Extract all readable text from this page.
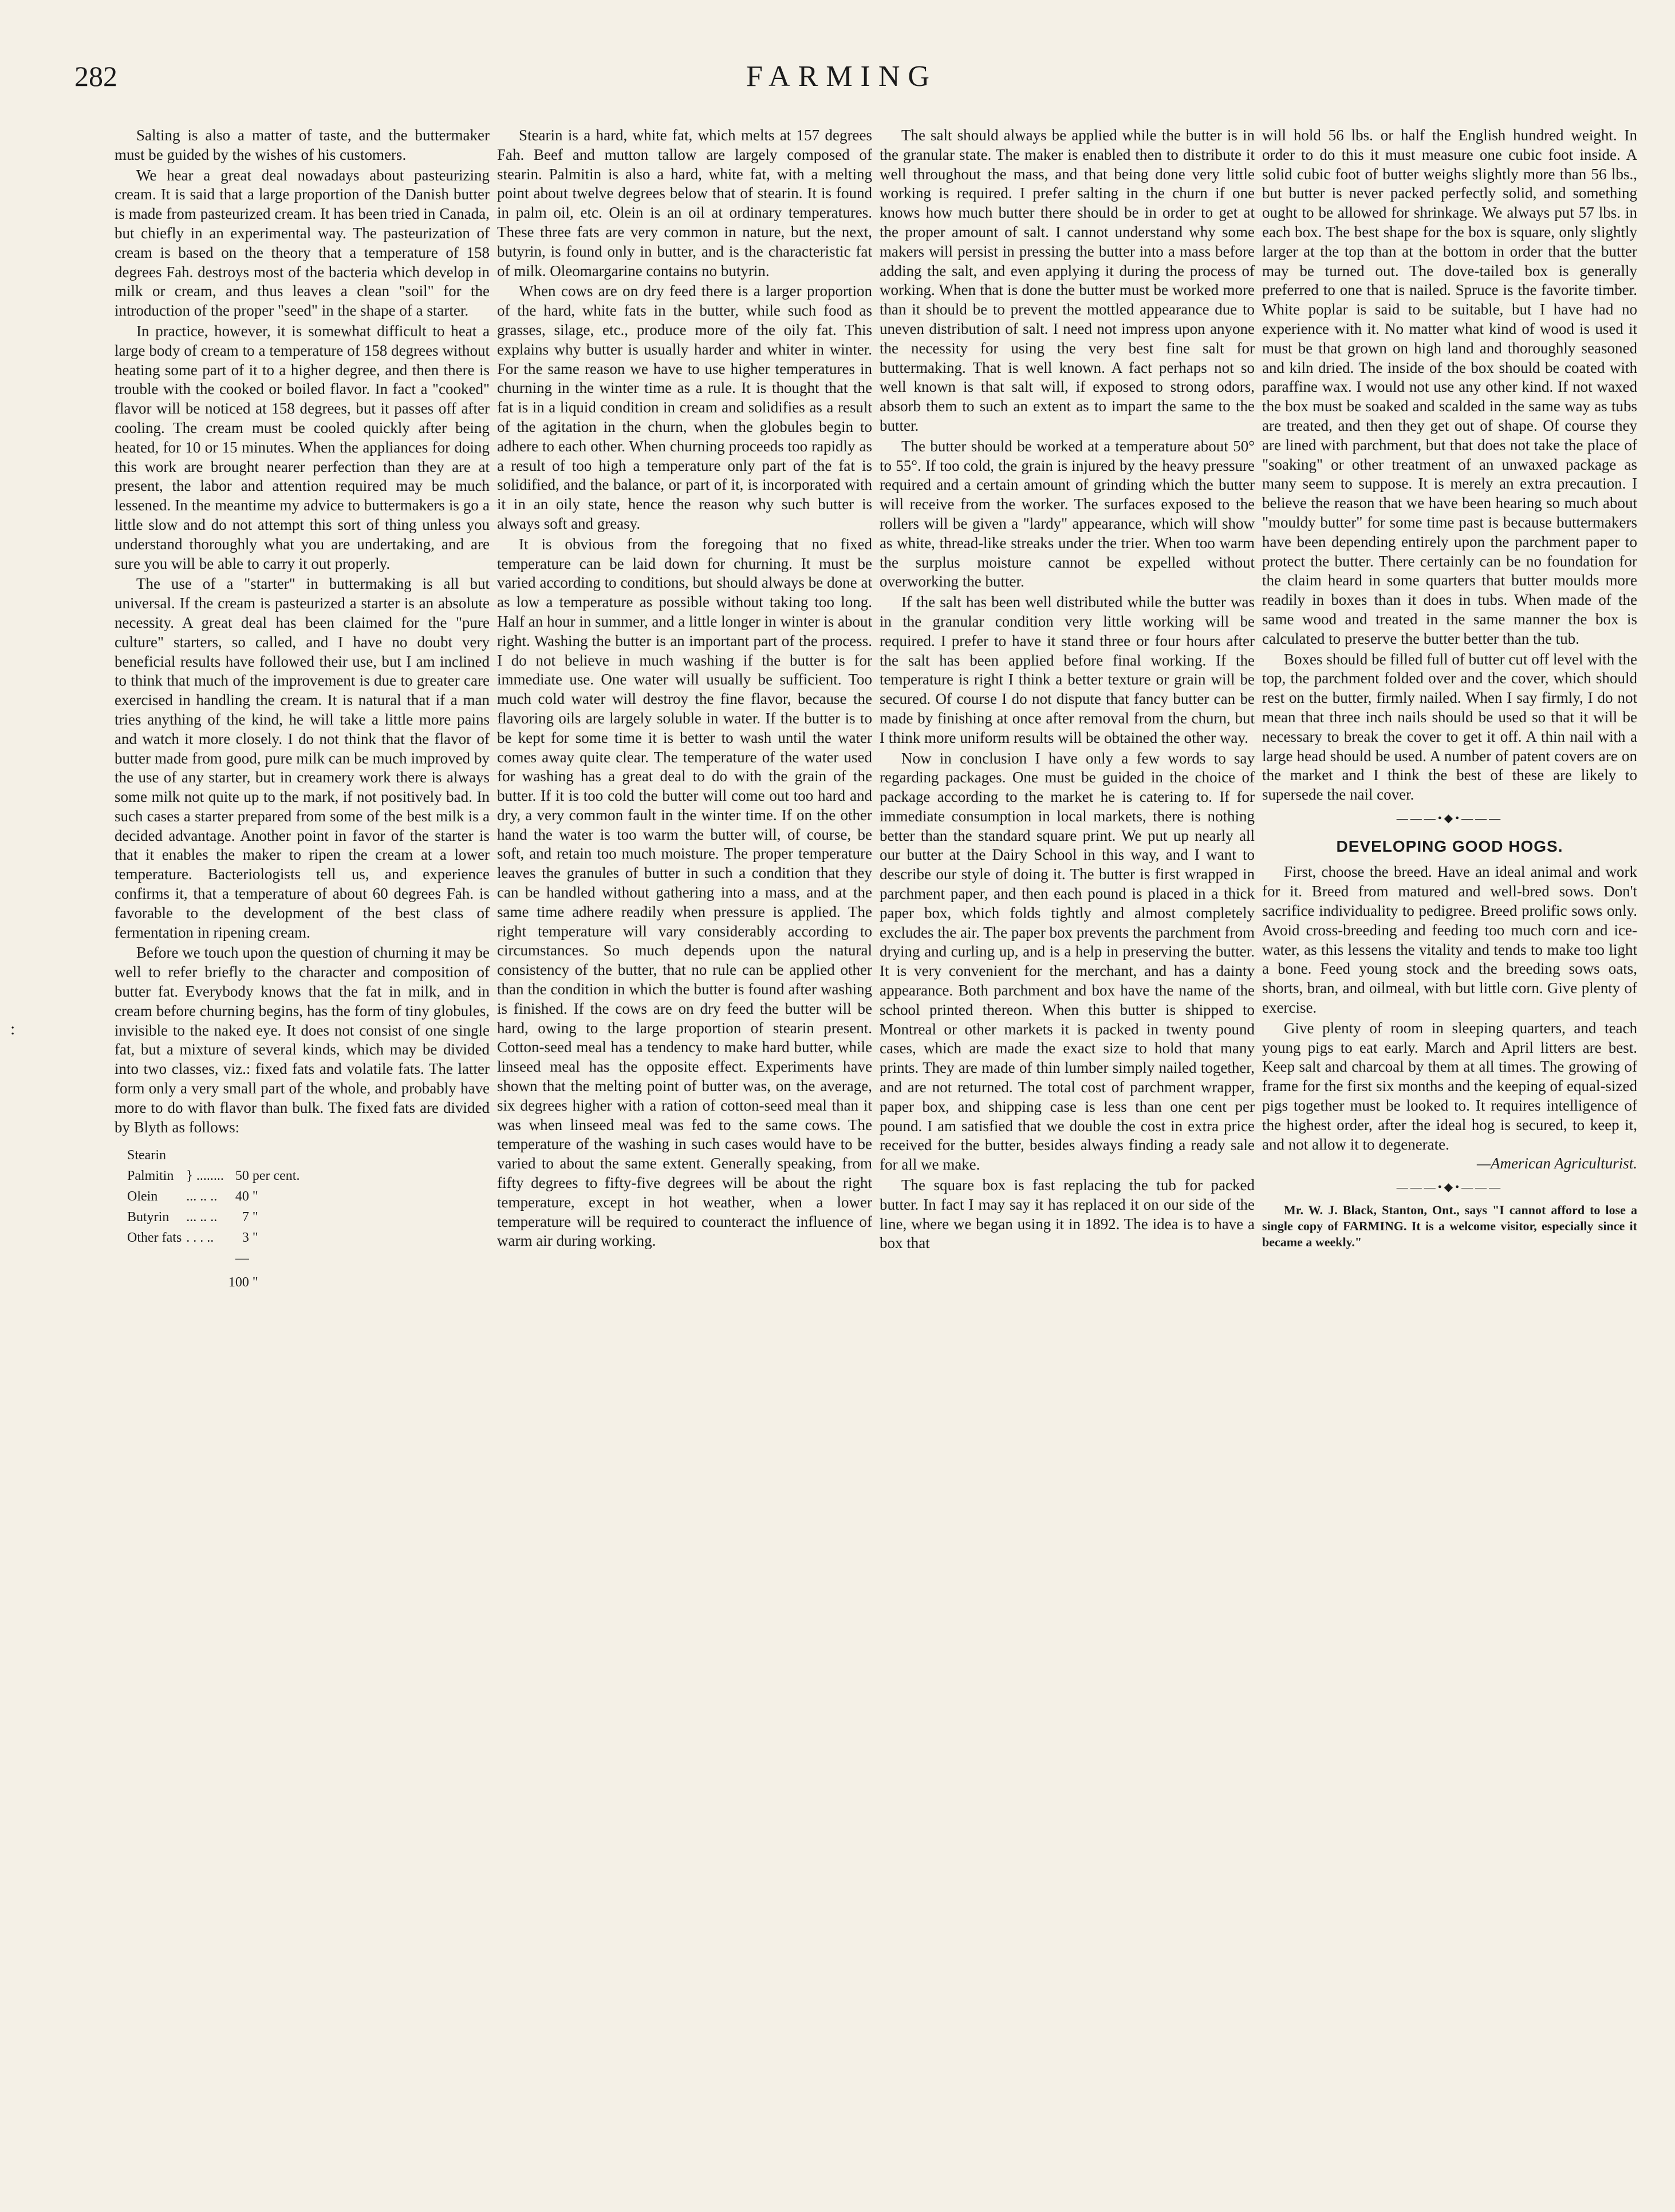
282	FARMING
:

Salting is also a matter of taste, and the buttermaker must be guided by the wishes of his customers.

We hear a great deal nowadays about pasteurizing cream. It is said that a large proportion of the Danish butter is made from pasteurized cream. It has been tried in Canada, but chiefly in an experimental way. The pasteurization of cream is based on the theory that a temperature of 158 degrees Fah. destroys most of the bacteria which develop in milk or cream, and thus leaves a clean "soil" for the introduction of the proper "seed" in the shape of a starter.

In practice, however, it is somewhat difficult to heat a large body of cream to a temperature of 158 degrees without heating some part of it to a higher degree, and then there is trouble with the cooked or boiled flavor. In fact a "cooked" flavor will be noticed at 158 degrees, but it passes off after cooling. The cream must be cooled quickly after being heated, for 10 or 15 minutes. When the appliances for doing this work are brought nearer perfection than they are at present, the labor and attention required may be much lessened. In the meantime my advice to buttermakers is go a little slow and do not attempt this sort of thing unless you understand thoroughly what you are undertaking, and are sure you will be able to carry it out properly.

The use of a "starter" in buttermaking is all but universal. If the cream is pasteurized a starter is an absolute necessity. A great deal has been claimed for the "pure culture" starters, so called, and I have no doubt very beneficial results have followed their use, but I am inclined to think that much of the improvement is due to greater care exercised in handling the cream. It is natural that if a man tries anything of the kind, he will take a little more pains and watch it more closely. I do not think that the flavor of butter made from good, pure milk can be much improved by the use of any starter, but in creamery work there is always some milk not quite up to the mark, if not positively bad. In such cases a starter prepared from some of the best milk is a decided advantage. Another point in favor of the starter is that it enables the maker to ripen the cream at a lower temperature. Bacteriologists tell us, and experience confirms it, that a temperature of about 60 degrees Fah. is favorable to the development of the best class of fermentation in ripening cream.

Before we touch upon the question of churning it may be well to refer briefly to the character and composition of butter fat. Everybody knows that the fat in milk, and in cream before churning begins, has the form of tiny globules, invisible to the naked eye. It does not consist of one single fat, but a mixture of several kinds, which may be divided into two classes, viz.: fixed fats and volatile fats. The latter form only a very small part of the whole, and probably have more to do with flavor than bulk. The fixed fats are divided by Blyth as follows:

Stearin			
Palmitin	} ........	50	per cent.
Olein	... .. ..	40	"
Butyrin	... .. ..	7	"
Other fats	. . . ..	3	"
		—	
		100	"

Stearin is a hard, white fat, which melts at 157 degrees Fah. Beef and mutton tallow are largely composed of stearin. Palmitin is also a hard, white fat, with a melting point about twelve degrees below that of stearin. It is found in palm oil, etc. Olein is an oil at ordinary temperatures. These three fats are very common in nature, but the next, butyrin, is found only in butter, and is the characteristic fat of milk. Oleomargarine contains no butyrin.

When cows are on dry feed there is a larger proportion of the hard, white fats in the butter, while such food as grasses, silage, etc., produce more of the oily fat. This explains why butter is usually harder and whiter in winter. For the same reason we have to use higher temperatures in churning in the winter time as a rule. It is thought that the fat is in a liquid condition in cream and solidifies as a result of the agitation in the churn, when the globules begin to adhere to each other. When churning proceeds too rapidly as a result of too high a temperature only part of the fat is solidified, and the balance, or part of it, is incorporated with it in an oily state, hence the reason why such butter is always soft and greasy.

It is obvious from the foregoing that no fixed temperature can be laid down for churning. It must be varied according to conditions, but should always be done at as low a temperature as possible without taking too long. Half an hour in summer, and a little longer in winter is about right. Washing the butter is an important part of the process. I do not believe in much washing if the butter is for immediate use. One water will usually be sufficient. Too much cold water will destroy the fine flavor, because the flavoring oils are largely soluble in water. If the butter is to be kept for some time it is better to wash until the water comes away quite clear. The temperature of the water used for washing has a great deal to do with the grain of the butter. If it is too cold the butter will come out too hard and dry, a very common fault in the winter time. If on the other hand the water is too warm the butter will, of course, be soft, and retain too much moisture. The proper temperature leaves the granules of butter in such a condition that they can be handled without gathering into a mass, and at the same time adhere readily when pressure is applied. The right temperature will vary considerably according to circumstances. So much depends upon the natural consistency of the butter, that no rule can be applied other than the condition in which the butter is found after washing is finished. If the cows are on dry feed the butter will be hard, owing to the large proportion of stearin present. Cotton-seed meal has a tendency to make hard butter, while linseed meal has the opposite effect. Experiments have shown that the melting point of butter was, on the average, six degrees higher with a ration of cotton-seed meal than it was when linseed meal was fed to the same cows. The temperature of the washing in such cases would have to be varied to about the same extent. Generally speaking, from fifty degrees to fifty-five degrees will be about the right temperature, except in hot weather, when a lower temperature will be required to counteract the influence of warm air during working.

The salt should always be applied while the butter is in the granular state. The maker is enabled then to distribute it well throughout the mass, and that being done very little working is required. I prefer salting in the churn if one knows how much butter there should be in order to get at the proper amount of salt. I cannot understand why some makers will persist in pressing the butter into a mass before adding the salt, and even applying it during the process of working. When that is done the butter must be worked more than it should be to prevent the mottled appearance due to uneven distribution of salt. I need not impress upon anyone the necessity for using the very best fine salt for buttermaking. That is well known. A fact perhaps not so well known is that salt will, if exposed to strong odors, absorb them to such an extent as to impart the same to the butter.

The butter should be worked at a temperature about 50° to 55°. If too cold, the grain is injured by the heavy pressure required and a certain amount of grinding which the butter will receive from the worker. The surfaces exposed to the rollers will be given a "lardy" appearance, which will show as white, thread-like streaks under the trier. When too warm the surplus moisture cannot be expelled without overworking the butter.

If the salt has been well distributed while the butter was in the granular condition very little working will be required. I prefer to have it stand three or four hours after the salt has been applied before final working. If the temperature is right I think a better texture or grain will be secured. Of course I do not dispute that fancy butter can be made by finishing at once after removal from the churn, but I think more uniform results will be obtained the other way.

Now in conclusion I have only a few words to say regarding packages. One must be guided in the choice of package according to the market he is catering to. If for immediate consumption in local markets, there is nothing better than the standard square print. We put up nearly all our butter at the Dairy School in this way, and I want to describe our style of doing it. The butter is first wrapped in parchment paper, and then each pound is placed in a thick paper box, which folds tightly and almost completely excludes the air. The paper box prevents the parchment from drying and curling up, and is a help in preserving the butter. It is very convenient for the merchant, and has a dainty appearance. Both parchment and box have the name of the school printed thereon. When this butter is shipped to Montreal or other markets it is packed in twenty pound cases, which are made the exact size to hold that many prints. They are made of thin lumber simply nailed together, and are not returned. The total cost of parchment wrapper, paper box, and shipping case is less than one cent per pound. I am satisfied that we double the cost in extra price received for the butter, besides always finding a ready sale for all we make.

The square box is fast replacing the tub for packed butter. In fact I may say it has replaced it on our side of the line, where we began using it in 1892. The idea is to have a box that

will hold 56 lbs. or half the English hundred weight. In order to do this it must measure one cubic foot inside. A solid cubic foot of butter weighs slightly more than 56 lbs., but butter is never packed perfectly solid, and something ought to be allowed for shrinkage. We always put 57 lbs. in each box. The best shape for the box is square, only slightly larger at the top than at the bottom in order that the butter may be turned out. The dove-tailed box is generally preferred to one that is nailed. Spruce is the favorite timber. White poplar is said to be suitable, but I have had no experience with it. No matter what kind of wood is used it must be that grown on high land and thoroughly seasoned and kiln dried. The inside of the box should be coated with paraffine wax. I would not use any other kind. If not waxed the box must be soaked and scalded in the same way as tubs are treated, and then they get out of shape. Of course they are lined with parchment, but that does not take the place of "soaking" or other treatment of an unwaxed package as many seem to suppose. It is merely an extra precaution. I believe the reason that we have been hearing so much about "mouldy butter" for some time past is because buttermakers have been depending entirely upon the parchment paper to protect the butter. There certainly can be no foundation for the claim heard in some quarters that butter moulds more readily in boxes than it does in tubs. When made of the same wood and treated in the same manner the box is calculated to preserve the butter better than the tub.

Boxes should be filled full of butter cut off level with the top, the parchment folded over and the cover, which should rest on the butter, firmly nailed. When I say firmly, I do not mean that three inch nails should be used so that it will be necessary to break the cover to get it off. A thin nail with a large head should be used. A number of patent covers are on the market and I think the best of these are likely to supersede the nail cover.

———•◆•———
DEVELOPING GOOD HOGS.

First, choose the breed. Have an ideal animal and work for it. Breed from matured and well-bred sows. Don't sacrifice individuality to pedigree. Breed prolific sows only. Avoid cross-breeding and feeding too much corn and ice-water, as this lessens the vitality and tends to make too light a bone. Feed young stock and the breeding sows oats, shorts, bran, and oilmeal, with but little corn. Give plenty of exercise.

Give plenty of room in sleeping quarters, and teach young pigs to eat early. March and April litters are best. Keep salt and charcoal by them at all times. The growing of frame for the first six months and the keeping of equal-sized pigs together must be looked to. It requires intelligence of the highest order, after the ideal hog is secured, to keep it, and not allow it to degenerate.
—American Agriculturist.

———•◆•———

Mr. W. J. Black, Stanton, Ont., says "I cannot afford to lose a single copy of FARMING. It is a welcome visitor, especially since it became a weekly."
